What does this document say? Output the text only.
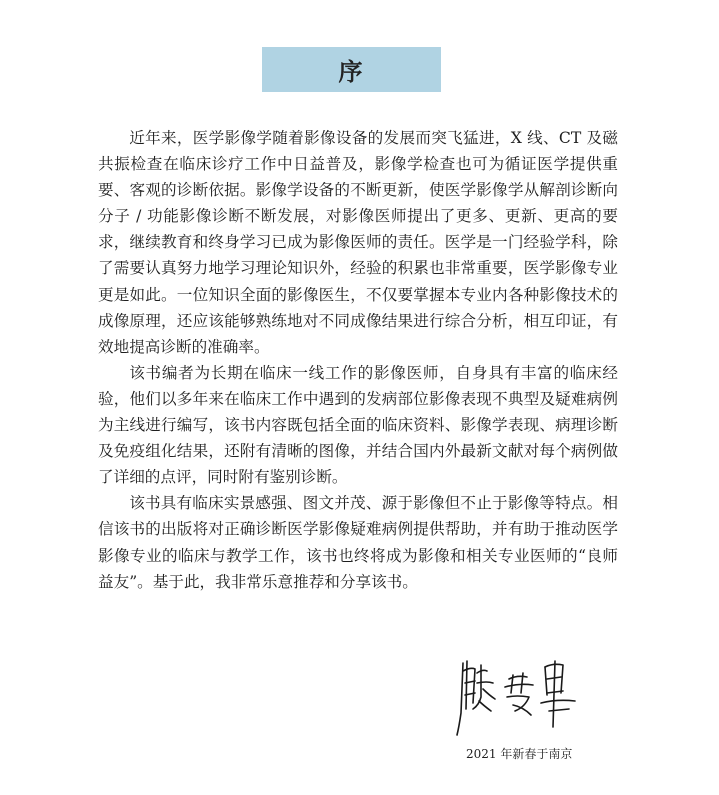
序

近年来，医学影像学随着影像设备的发展而突飞猛进，X 线、CT 及磁共振检查在临床诊疗工作中日益普及，影像学检查也可为循证医学提供重要、客观的诊断依据。影像学设备的不断更新，使医学影像学从解剖诊断向分子 / 功能影像诊断不断发展，对影像医师提出了更多、更新、更高的要求，继续教育和终身学习已成为影像医师的责任。医学是一门经验学科，除了需要认真努力地学习理论知识外，经验的积累也非常重要，医学影像专业更是如此。一位知识全面的影像医生，不仅要掌握本专业内各种影像技术的成像原理，还应该能够熟练地对不同成像结果进行综合分析，相互印证，有效地提高诊断的准确率。

该书编者为长期在临床一线工作的影像医师，自身具有丰富的临床经验，他们以多年来在临床工作中遇到的发病部位影像表现不典型及疑难病例为主线进行编写，该书内容既包括全面的临床资料、影像学表现、病理诊断及免疫组化结果，还附有清晰的图像，并结合国内外最新文献对每个病例做了详细的点评，同时附有鉴别诊断。

该书具有临床实景感强、图文并茂、源于影像但不止于影像等特点。相信该书的出版将对正确诊断医学影像疑难病例提供帮助，并有助于推动医学影像专业的临床与教学工作，该书也终将成为影像和相关专业医师的“良师益友”。基于此，我非常乐意推荐和分享该书。

2021 年新春于南京
